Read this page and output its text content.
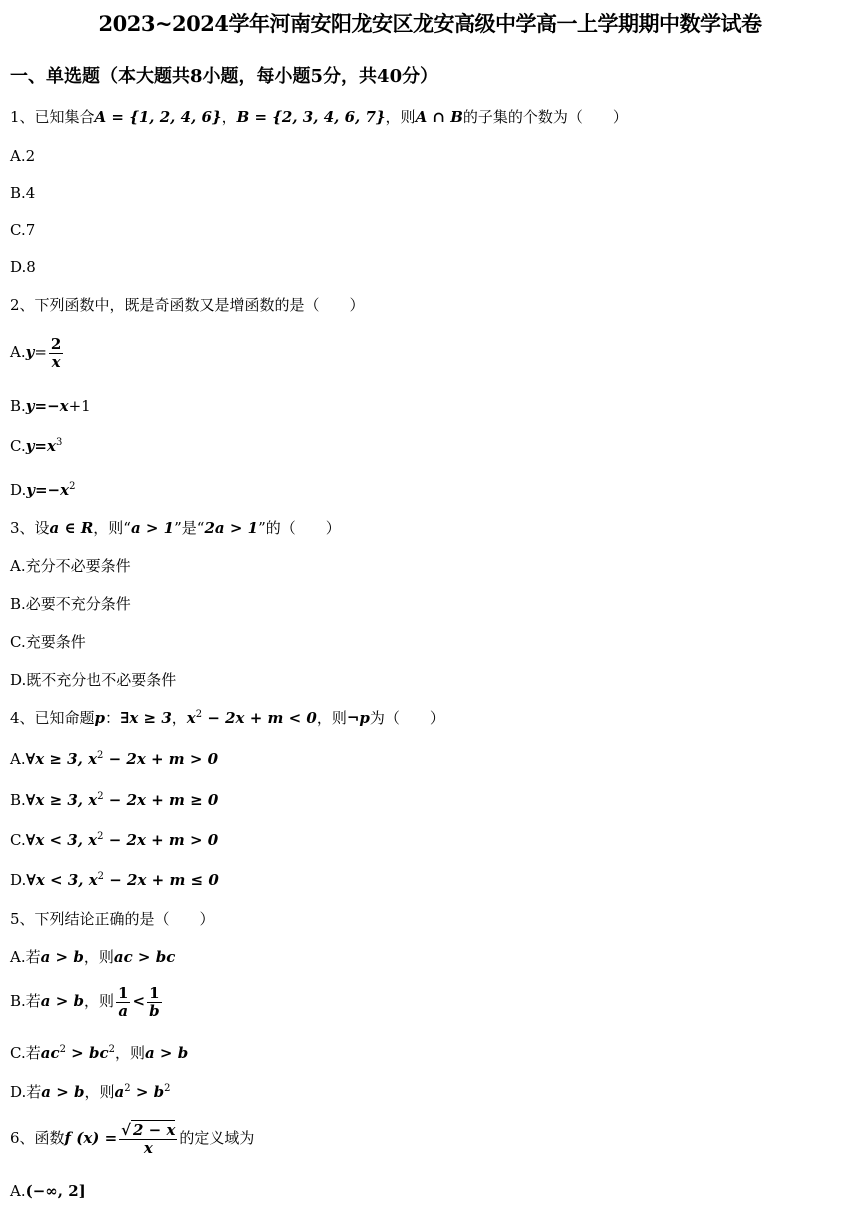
2023~2024学年河南安阳龙安区龙安高级中学高一上学期期中数学试卷
一、单选题（本大题共8小题，每小题5分，共40分）
1、已知集合A = {1, 2, 4, 6}，B = {2, 3, 4, 6, 7}，则A ∩ B的子集的个数为（　　）
A.2
B.4
C.7
D.8
2、下列函数中，既是奇函数又是增函数的是（　　）
$A.y= \frac{2}{x}$
B.y=−x+1
$C.y=x^3$
$D.y=-x^2$
3、设a ∈ R，则“a > 1”是“2a > 1”的（　　）
A.充分不必要条件
B.必要不充分条件
C.充要条件
D.既不充分也不必要条件
4、已知命题p：∃x ≥ 3，$x^2 - 2x + m < 0$，则¬p为（　　）
A.∀x ≥ 3, $x^2 - 2x + m > 0$
B.∀x ≥ 3, $x^2 - 2x + m \ge 0$
C.∀x < 3, $x^2 - 2x + m > 0$
D.∀x < 3, $x^2 - 2x + m \le 0$
5、下列结论正确的是（　　）
A.若a > b，则ac > bc
B.若a > b，则 $\frac{1}{a} < \frac{1}{b}$
C.若$ac^2 > bc^2$，则a > b
D.若a > b，则$a^2 > b^2$
6、函数f $(x) = \frac{√ 2 - x}{x}$ 的定义域为
A.(−∞, 2]
